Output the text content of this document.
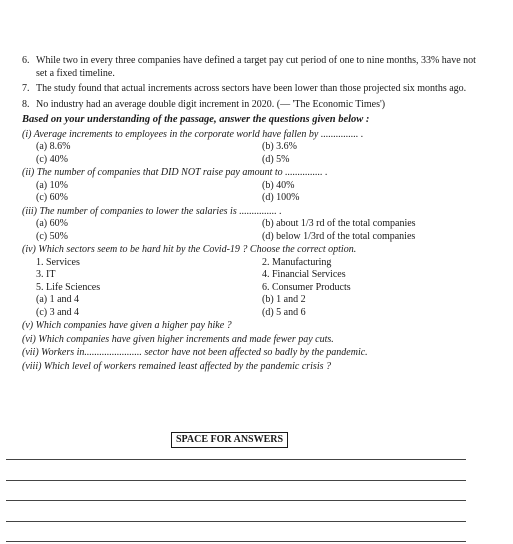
6. While two in every three companies have defined a target pay cut period of one to nine months, 33% have not set a fixed timeline.
7. The study found that actual increments across sectors have been lower than those projected six months ago.
8. No industry had an average double digit increment in 2020. (— 'The Economic Times')
Based on your understanding of the passage, answer the questions given below :
(i) Average increments to employees in the corporate world have fallen by ............... .
(a) 8.6%	(b) 3.6%
(c) 40%	(d) 5%
(ii) The number of companies that DID NOT raise pay amount to ............... .
(a) 10%	(b) 40%
(c) 60%	(d) 100%
(iii) The number of companies to lower the salaries is ............... .
(a) 60%	(b) about 1/3 rd of the total companies
(c) 50%	(d) below 1/3rd of the total companies
(iv) Which sectors seem to be hard hit by the Covid-19 ? Choose the correct option.
1. Services	2. Manufacturing
3. IT	4. Financial Services
5. Life Sciences	6. Consumer Products
(a) 1 and 4	(b) 1 and 2
(c) 3 and 4	(d) 5 and 6
(v) Which companies have given a higher pay hike ?
(vi) Which companies have given higher increments and made fewer pay cuts.
(vii) Workers in....................... sector have not been affected so badly by the pandemic.
(viii) Which level of workers remained least affected by the pandemic crisis ?
SPACE FOR ANSWERS
